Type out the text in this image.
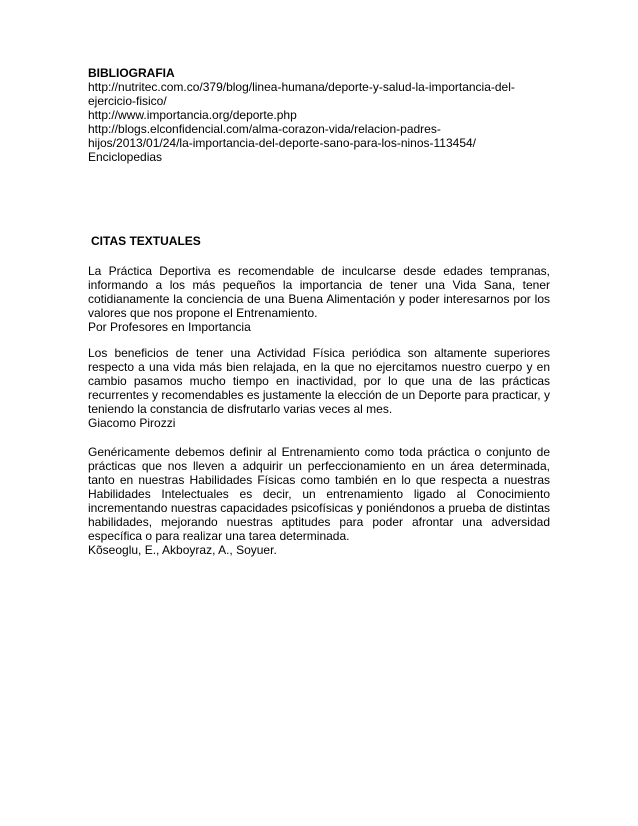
BIBLIOGRAFIA

http://nutritec.com.co/379/blog/linea-humana/deporte-y-salud-la-importancia-del-

ejercicio-fisico/

http://www.importancia.org/deporte.php

http://blogs.elconfidencial.com/alma-corazon-vida/relacion-padres-

hijos/2013/01/24/la-importancia-del-deporte-sano-para-los-ninos-113454/

Enciclopedias

CITAS TEXTUALES

La Práctica Deportiva es recomendable de inculcarse desde edades tempranas, informando a los más pequeños la importancia de tener una Vida Sana, tener cotidianamente la conciencia de una Buena Alimentación y poder interesarnos por los valores que nos propone el Entrenamiento.

Por Profesores en Importancia

Los beneficios de tener una Actividad Física periódica son altamente superiores respecto a una vida más bien relajada, en la que no ejercitamos nuestro cuerpo y en cambio pasamos mucho tiempo en inactividad, por lo que una de las prácticas recurrentes y recomendables es justamente la elección de un Deporte para practicar, y teniendo la constancia de disfrutarlo varias veces al mes.

Giacomo Pirozzi

Genéricamente debemos definir al Entrenamiento como toda práctica o conjunto de prácticas que nos lleven a adquirir un perfeccionamiento en un área determinada, tanto en nuestras Habilidades Físicas como también en lo que respecta a nuestras Habilidades Intelectuales es decir, un entrenamiento ligado al Conocimiento incrementando nuestras capacidades psicofísicas y poniéndonos a prueba de distintas habilidades, mejorando nuestras aptitudes para poder afrontar una adversidad específica o para realizar una tarea determinada.

Kõseoglu, E., Akboyraz, A., Soyuer.
